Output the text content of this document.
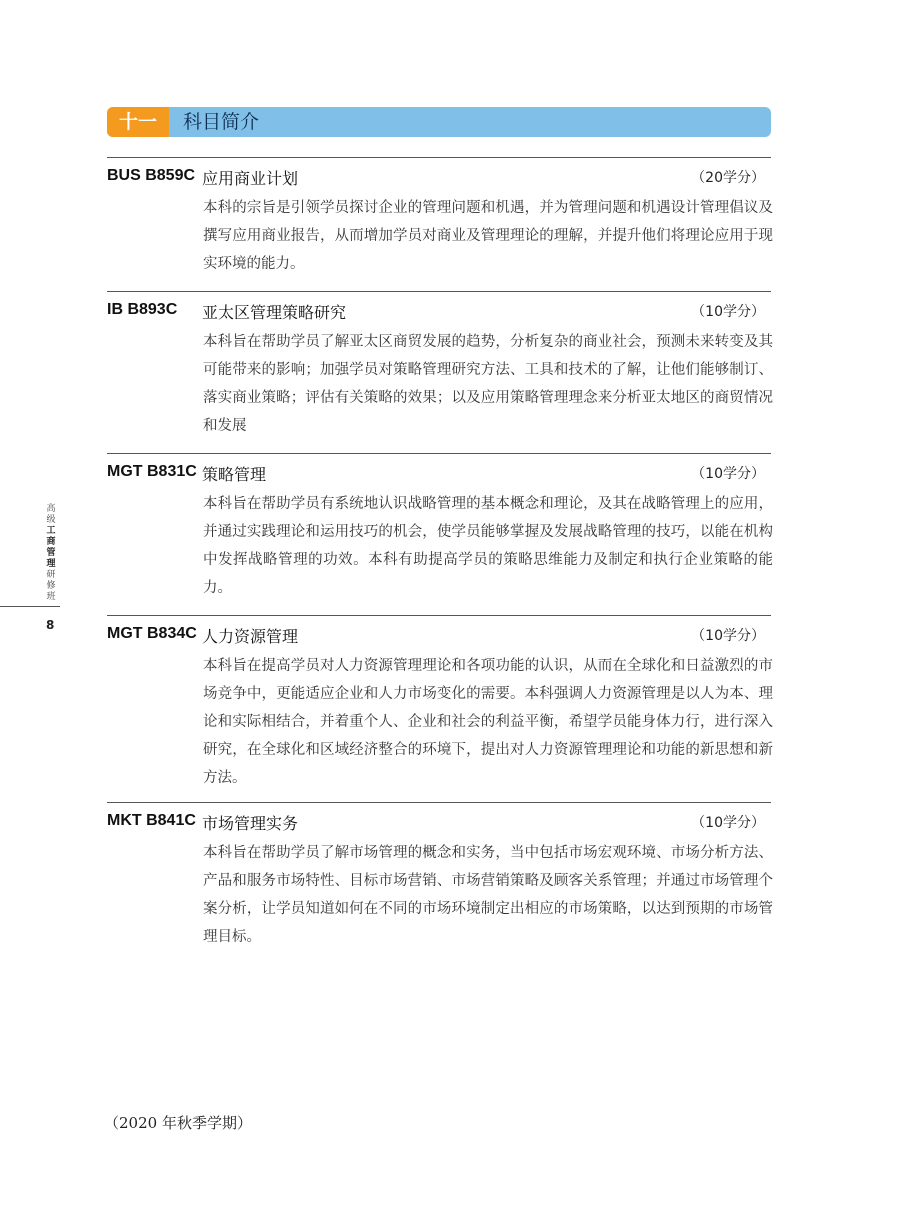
十一	科目简介
高
级
工
商
管
理
研
修
班
8
BUS B859C 应用商业计划	（20学分）

本科的宗旨是引领学员探讨企业的管理问题和机遇，并为管理问题和机遇设计管理倡议及撰写应用商业报告，从而增加学员对商业及管理理论的理解，并提升他们将理论应用于现实环境的能力。

IB B893C 亚太区管理策略研究	（10学分）

本科旨在帮助学员了解亚太区商贸发展的趋势，分析复杂的商业社会，预测未来转变及其可能带来的影响；加强学员对策略管理研究方法、工具和技术的了解，让他们能够制订、落实商业策略；评估有关策略的效果；以及应用策略管理理念来分析亚太地区的商贸情况和发展

MGT B831C 策略管理	（10学分）

本科旨在帮助学员有系统地认识战略管理的基本概念和理论，及其在战略管理上的应用，并通过实践理论和运用技巧的机会，使学员能够掌握及发展战略管理的技巧，以能在机构中发挥战略管理的功效。本科有助提高学员的策略思维能力及制定和执行企业策略的能力。

MGT B834C 人力资源管理	（10学分）

本科旨在提高学员对人力资源管理理论和各项功能的认识，从而在全球化和日益激烈的市场竞争中，更能适应企业和人力市场变化的需要。本科强调人力资源管理是以人为本、理论和实际相结合，并着重个人、企业和社会的利益平衡，希望学员能身体力行，进行深入研究，在全球化和区域经济整合的环境下，提出对人力资源管理理论和功能的新思想和新方法。

MKT B841C 市场管理实务	（10学分）

本科旨在帮助学员了解市场管理的概念和实务，当中包括市场宏观环境、市场分析方法、产品和服务市场特性、目标市场营销、市场营销策略及顾客关系管理；并通过市场管理个案分析，让学员知道如何在不同的市场环境制定出相应的市场策略，以达到预期的市场管理目标。

（2020 年秋季学期）
